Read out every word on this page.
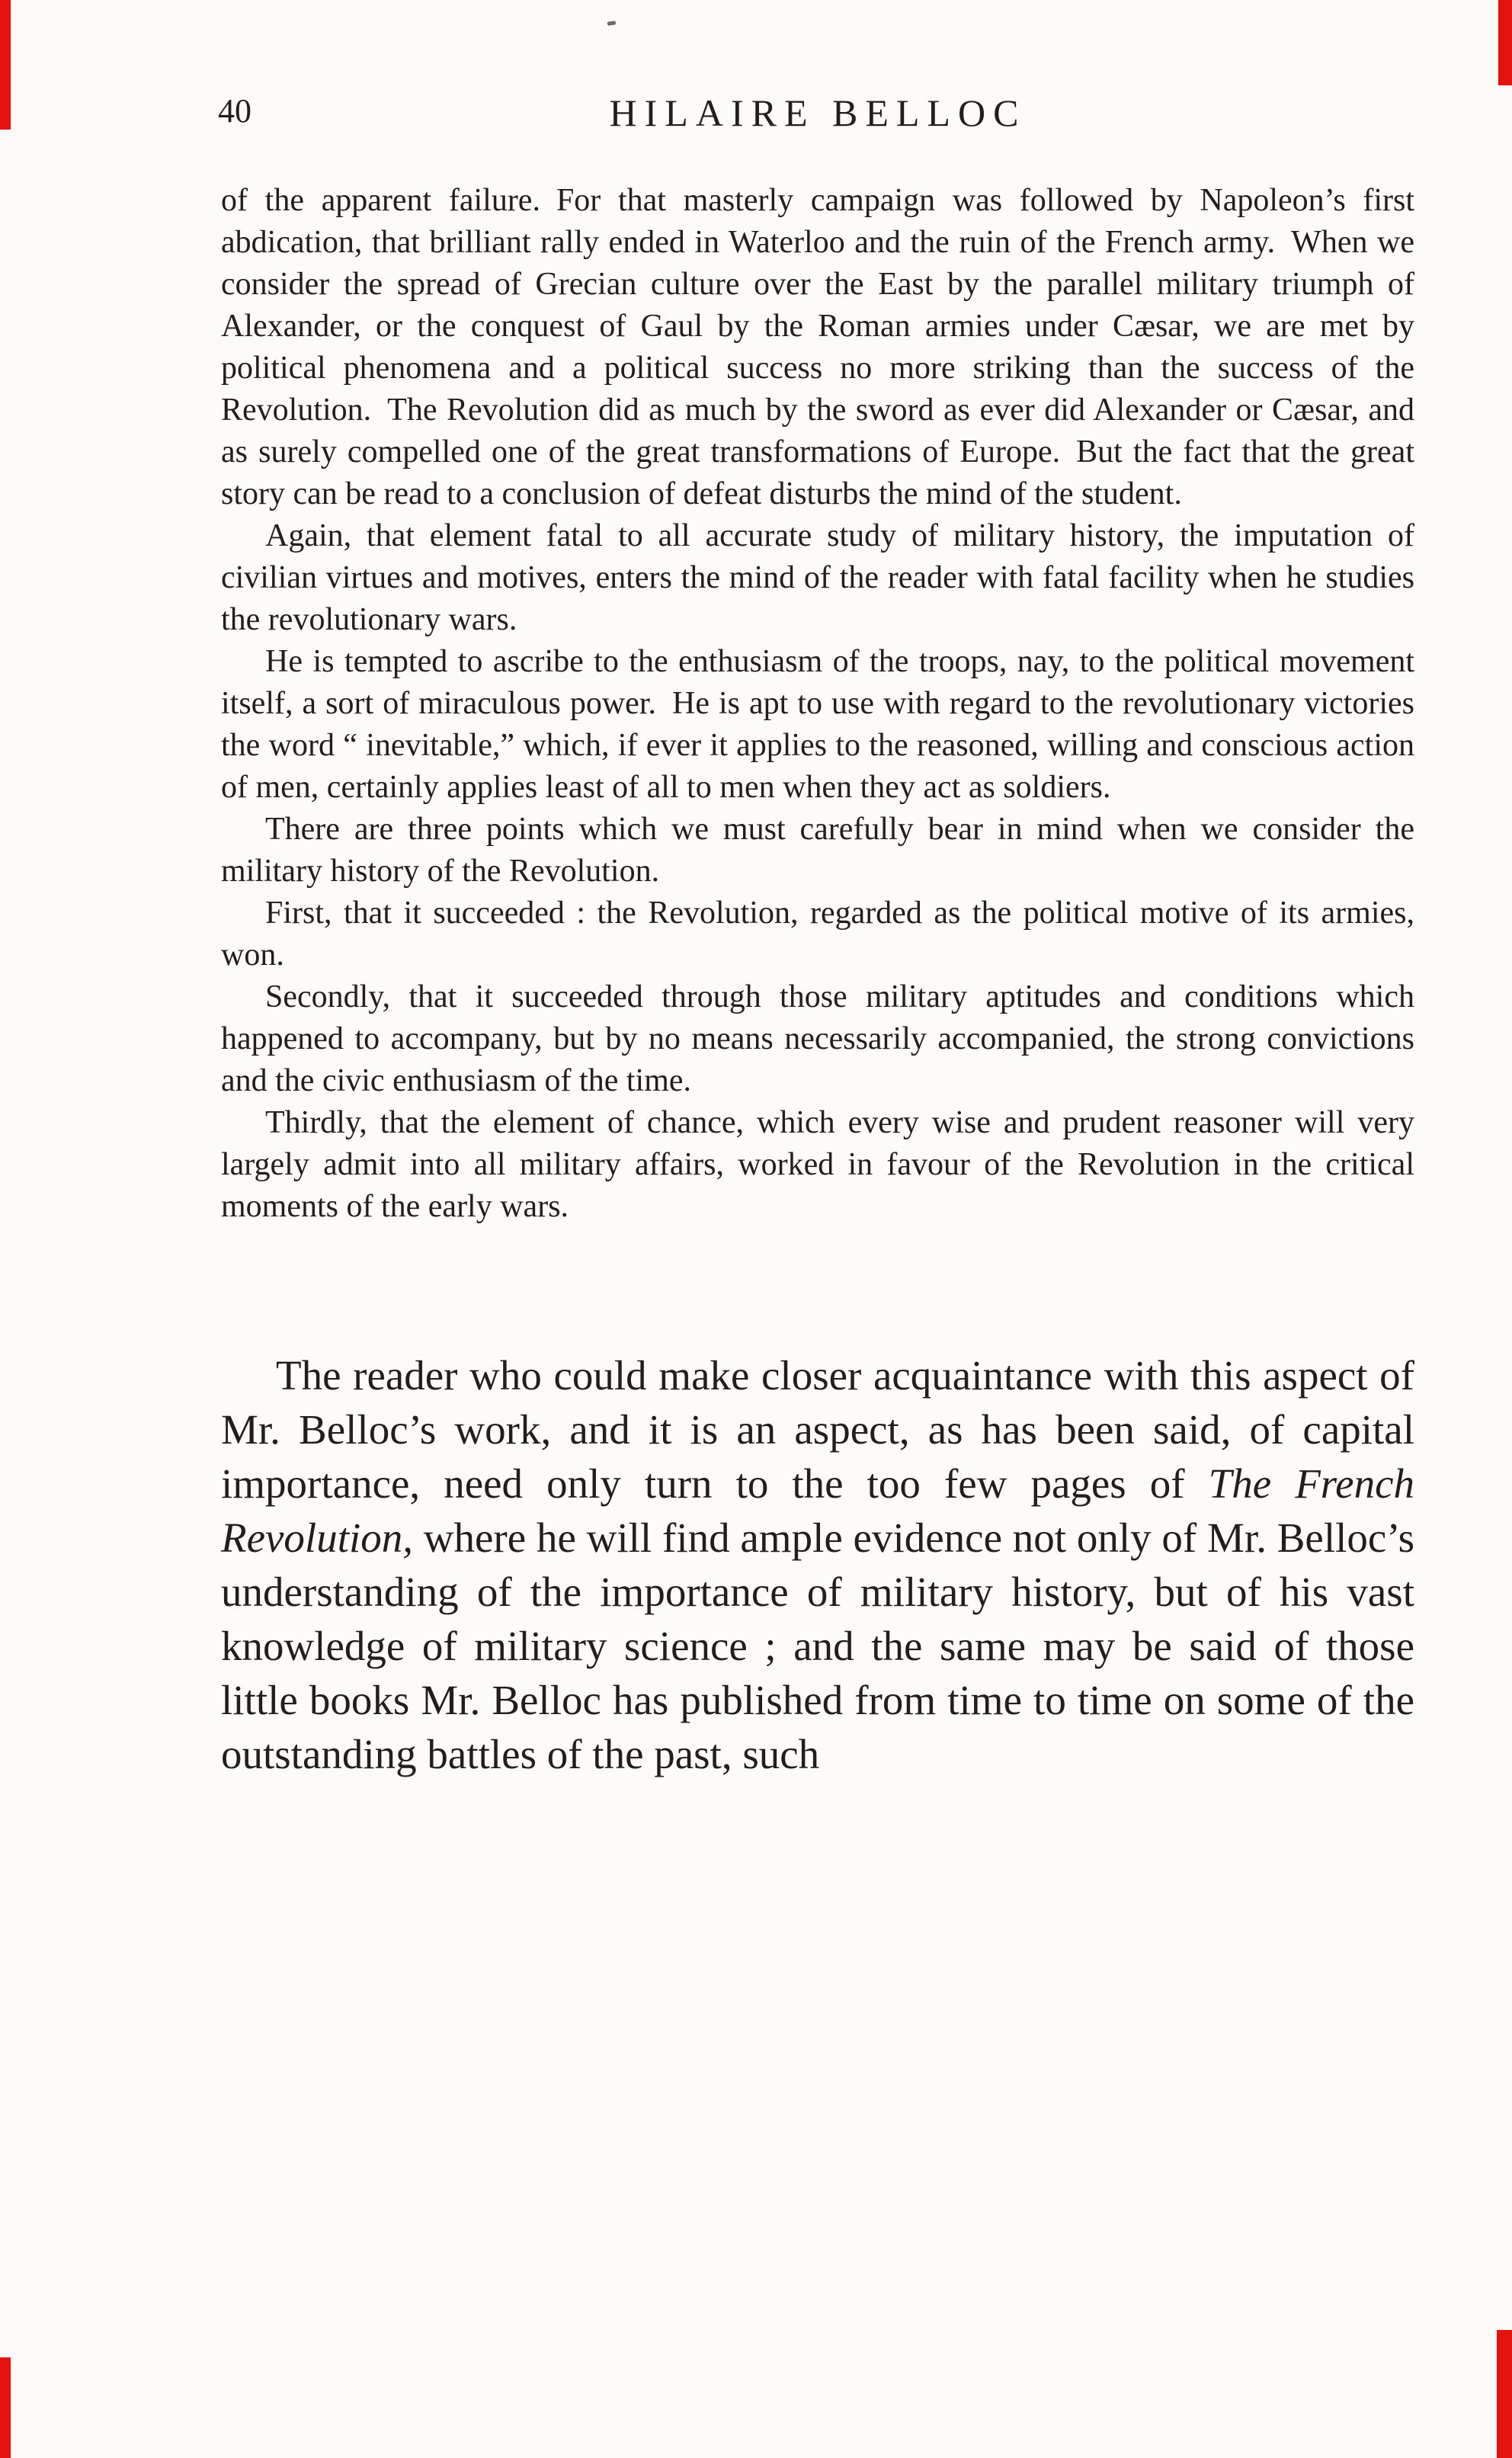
40	HILAIRE BELLOC

of the apparent failure. For that masterly campaign was followed by Napoleon’s first abdication, that brilliant rally ended in Waterloo and the ruin of the French army. When we consider the spread of Grecian culture over the East by the parallel military triumph of Alexander, or the conquest of Gaul by the Roman armies under Cæsar, we are met by political phenomena and a political success no more striking than the success of the Revolution. The Revolution did as much by the sword as ever did Alexander or Cæsar, and as surely compelled one of the great transformations of Europe. But the fact that the great story can be read to a conclusion of defeat disturbs the mind of the student.

Again, that element fatal to all accurate study of military history, the imputation of civilian virtues and motives, enters the mind of the reader with fatal facility when he studies the revolutionary wars.

He is tempted to ascribe to the enthusiasm of the troops, nay, to the political movement itself, a sort of miraculous power. He is apt to use with regard to the revolutionary victories the word “ inevitable,” which, if ever it applies to the reasoned, willing and conscious action of men, certainly applies least of all to men when they act as soldiers.

There are three points which we must carefully bear in mind when we consider the military history of the Revolution.

First, that it succeeded : the Revolution, regarded as the political motive of its armies, won.

Secondly, that it succeeded through those military aptitudes and conditions which happened to accompany, but by no means necessarily accompanied, the strong convictions and the civic enthusiasm of the time.

Thirdly, that the element of chance, which every wise and prudent reasoner will very largely admit into all military affairs, worked in favour of the Revolution in the critical moments of the early wars.

The reader who could make closer acquaintance with this aspect of Mr. Belloc’s work, and it is an aspect, as has been said, of capital importance, need only turn to the too few pages of The French Revolution, where he will find ample evidence not only of Mr. Belloc’s understanding of the importance of military history, but of his vast knowledge of military science ; and the same may be said of those little books Mr. Belloc has published from time to time on some of the outstanding battles of the past, such
